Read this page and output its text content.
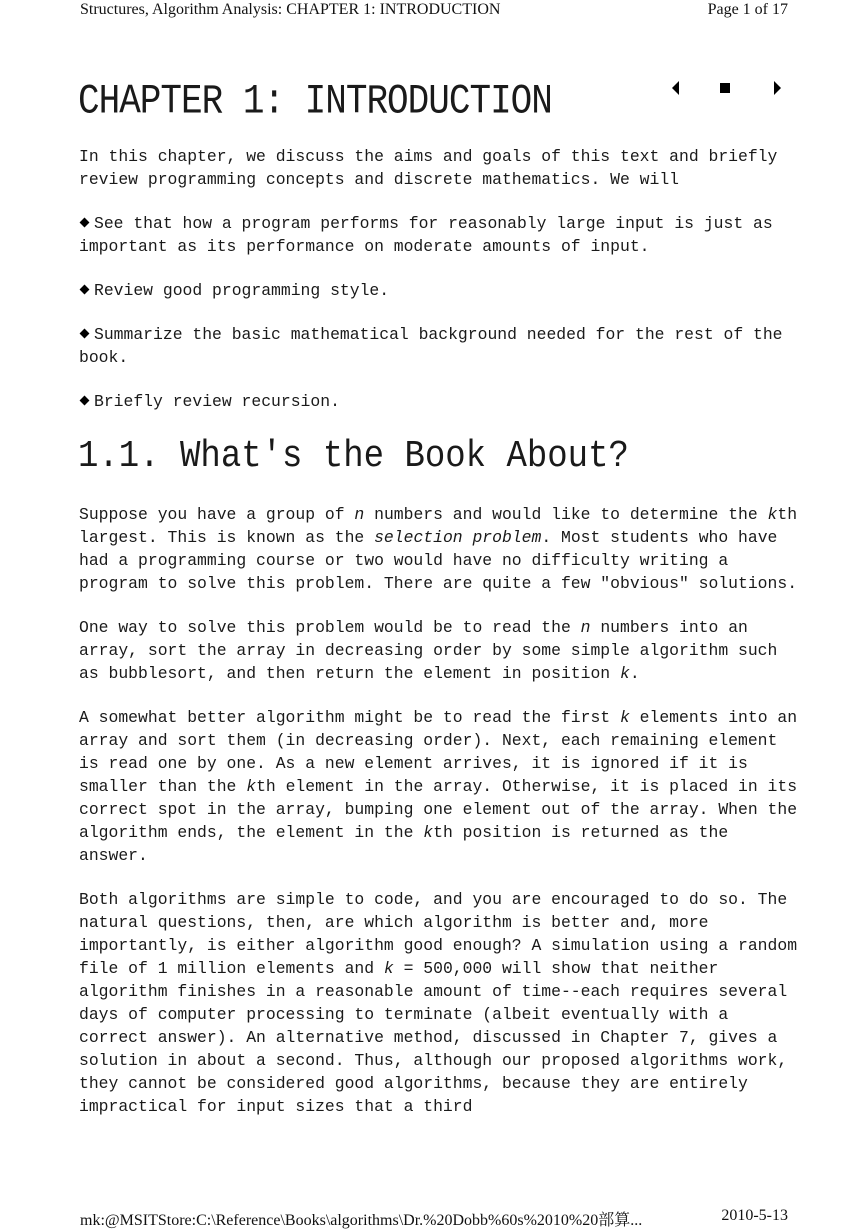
Structures, Algorithm Analysis: CHAPTER 1: INTRODUCTION	Page 1 of 17
CHAPTER 1: INTRODUCTION

In this chapter, we discuss the aims and goals of this text and briefly review programming concepts and discrete mathematics. We will

See that how a program performs for reasonably large input is just as important as its performance on moderate amounts of input.
Review good programming style.
Summarize the basic mathematical background needed for the rest of the book.
Briefly review recursion.
1.1. What's the Book About?

Suppose you have a group of n numbers and would like to determine the kth largest. This is known as the selection problem. Most students who have had a programming course or two would have no difficulty writing a program to solve this problem. There are quite a few "obvious" solutions.

One way to solve this problem would be to read the n numbers into an array, sort the array in decreasing order by some simple algorithm such as bubblesort, and then return the element in position k.

A somewhat better algorithm might be to read the first k elements into an array and sort them (in decreasing order). Next, each remaining element is read one by one. As a new element arrives, it is ignored if it is smaller than the kth element in the array. Otherwise, it is placed in its correct spot in the array, bumping one element out of the array. When the algorithm ends, the element in the kth position is returned as the answer.

Both algorithms are simple to code, and you are encouraged to do so. The natural questions, then, are which algorithm is better and, more importantly, is either algorithm good enough? A simulation using a random file of 1 million elements and k = 500,000 will show that neither algorithm finishes in a reasonable amount of time--each requires several days of computer processing to terminate (albeit eventually with a correct answer). An alternative method, discussed in Chapter 7, gives a solution in about a second. Thus, although our proposed algorithms work, they cannot be considered good algorithms, because they are entirely impractical for input sizes that a third

mk:@MSITStore:C:\Reference\Books\algorithms\Dr.%20Dobb%60s%2010%20部算...	2010-5-13
